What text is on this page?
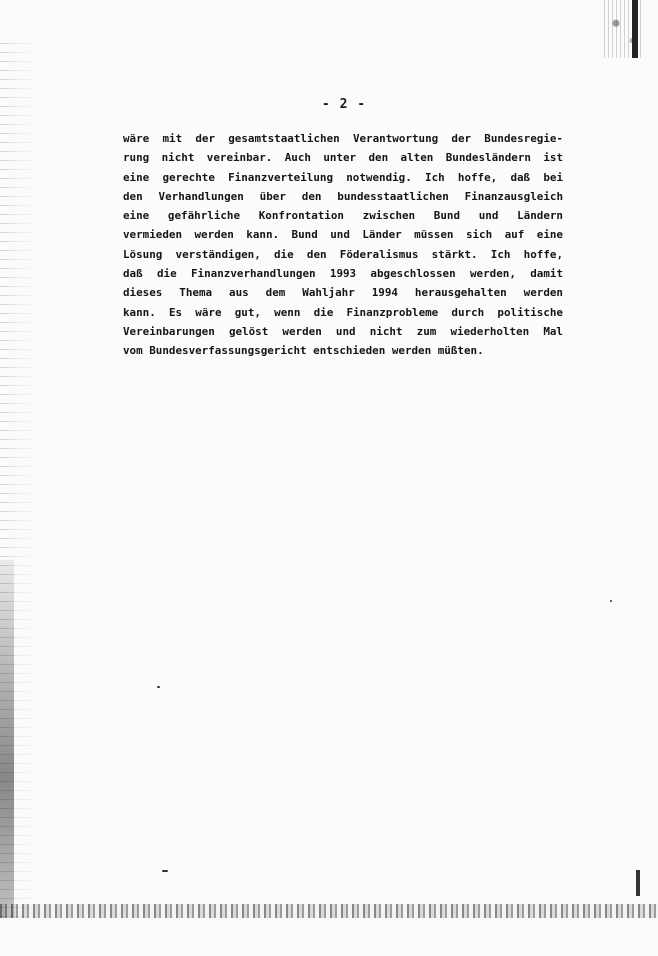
- 2 -
wäre mit der gesamtstaatlichen Verantwortung der Bundesregie-
rung nicht vereinbar. Auch unter den alten Bundesländern ist
eine gerechte Finanzverteilung notwendig. Ich hoffe, daß bei
den Verhandlungen über den bundesstaatlichen Finanzausgleich
eine gefährliche Konfrontation zwischen Bund und Ländern
vermieden werden kann. Bund und Länder müssen sich auf eine
Lösung verständigen, die den Föderalismus stärkt. Ich hoffe,
daß die Finanzverhandlungen 1993 abgeschlossen werden, damit
dieses Thema aus dem Wahljahr 1994 herausgehalten werden
kann. Es wäre gut, wenn die Finanzprobleme durch politische
Vereinbarungen gelöst werden und nicht zum wiederholten Mal
vom Bundesverfassungsgericht entschieden werden müßten.
